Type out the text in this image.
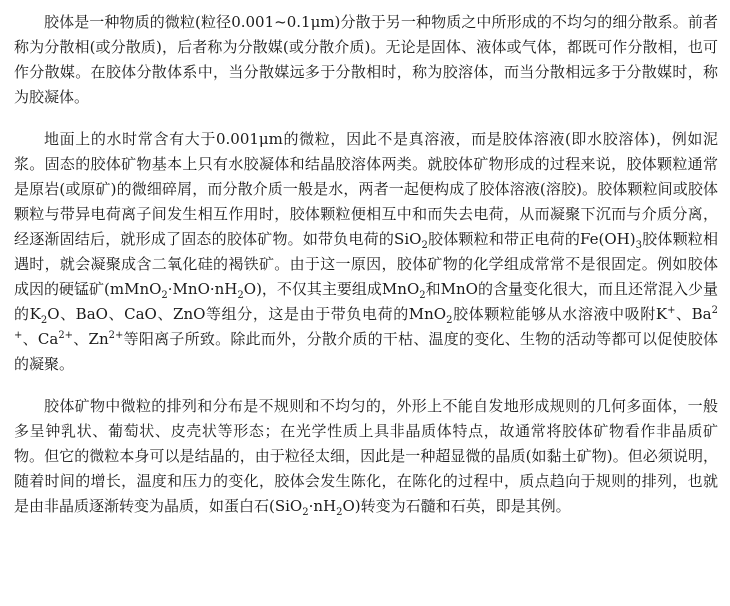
胶体是一种物质的微粒(粒径0.001~0.1μm)分散于另一种物质之中所形成的不均匀的细分散系。前者称为分散相(或分散质)，后者称为分散媒(或分散介质)。无论是固体、液体或气体，都既可作分散相，也可作分散媒。在胶体分散体系中，当分散媒远多于分散相时，称为胶溶体，而当分散相远多于分散媒时，称为胶凝体。

地面上的水时常含有大于0.001μm的微粒，因此不是真溶液，而是胶体溶液(即水胶溶体)，例如泥浆。固态的胶体矿物基本上只有水胶凝体和结晶胶溶体两类。就胶体矿物形成的过程来说，胶体颗粒通常是原岩(或原矿)的微细碎屑，而分散介质一般是水，两者一起便构成了胶体溶液(溶胶)。胶体颗粒间或胶体颗粒与带异电荷离子间发生相互作用时，胶体颗粒便相互中和而失去电荷，从而凝聚下沉而与介质分离，经逐渐固结后，就形成了固态的胶体矿物。如带负电荷的SiO$_2$胶体颗粒和带正电荷的$Fe(OH)_3$胶体颗粒相遇时，就会凝聚成含二氧化硅的褐铁矿。由于这一原因，胶体矿物的化学组成常常不是很固定。例如胶体成因的硬锰矿$(mMnO_2\cdot MnO\cdot nH_2O)$，不仅其主要组成MnO$_2$和MnO的含量变化很大，而且还常混入少量的$K_2O$、BaO、CaO、ZnO等组分，这是由于带负电荷的MnO$_2$胶体颗粒能够从水溶液中吸附K+、$Ba^{2+}$、$Ca^{2+}$、$Zn^{2+}$等阳离子所致。除此而外，分散介质的干枯、温度的变化、生物的活动等都可以促使胶体的凝聚。

胶体矿物中微粒的排列和分布是不规则和不均匀的，外形上不能自发地形成规则的几何多面体，一般多呈钟乳状、葡萄状、皮壳状等形态；在光学性质上具非晶质体特点，故通常将胶体矿物看作非晶质矿物。但它的微粒本身可以是结晶的，由于粒径太细，因此是一种超显微的晶质(如黏土矿物)。但必须说明，随着时间的增长，温度和压力的变化，胶体会发生陈化，在陈化的过程中，质点趋向于规则的排列，也就是由非晶质逐渐转变为晶质，如蛋白石$(SiO_2\cdot nH_2O)$转变为石髓和石英，即是其例。
